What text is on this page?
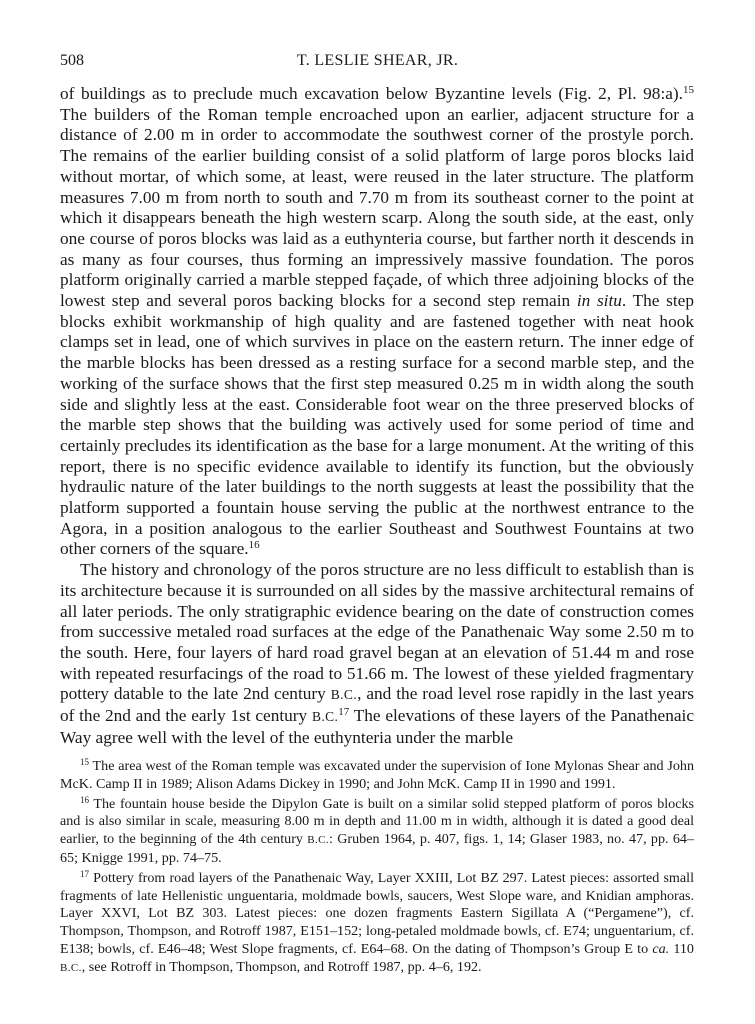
508	T. LESLIE SHEAR, JR.

of buildings as to preclude much excavation below Byzantine levels (Fig. 2, Pl. 98:a).$^{15}$ The builders of the Roman temple encroached upon an earlier, adjacent structure for a distance of 2.00 m in order to accommodate the southwest corner of the prostyle porch. The remains of the earlier building consist of a solid platform of large poros blocks laid without mortar, of which some, at least, were reused in the later structure. The platform measures 7.00 m from north to south and 7.70 m from its southeast corner to the point at which it disappears beneath the high western scarp. Along the south side, at the east, only one course of poros blocks was laid as a euthynteria course, but farther north it descends in as many as four courses, thus forming an impressively massive foundation. The poros platform originally carried a marble stepped façade, of which three adjoining blocks of the lowest step and several poros backing blocks for a second step remain in situ. The step blocks exhibit workmanship of high quality and are fastened together with neat hook clamps set in lead, one of which survives in place on the eastern return. The inner edge of the marble blocks has been dressed as a resting surface for a second marble step, and the working of the surface shows that the first step measured 0.25 m in width along the south side and slightly less at the east. Considerable foot wear on the three preserved blocks of the marble step shows that the building was actively used for some period of time and certainly precludes its identification as the base for a large monument. At the writing of this report, there is no specific evidence available to identify its function, but the obviously hydraulic nature of the later buildings to the north suggests at least the possibility that the platform supported a fountain house serving the public at the northwest entrance to the Agora, in a position analogous to the earlier Southeast and Southwest Fountains at two other corners of the square.$^{16}$

The history and chronology of the poros structure are no less difficult to establish than is its architecture because it is surrounded on all sides by the massive architectural remains of all later periods. The only stratigraphic evidence bearing on the date of construction comes from successive metaled road surfaces at the edge of the Panathenaic Way some 2.50 m to the south. Here, four layers of hard road gravel began at an elevation of 51.44 m and rose with repeated resurfacings of the road to 51.66 m. The lowest of these yielded fragmentary pottery datable to the late 2nd century B.C., and the road level rose rapidly in the last years of the 2nd and the early 1st century B.C.$^{17}$ The elevations of these layers of the Panathenaic Way agree well with the level of the euthynteria under the marble

$^{15}$ The area west of the Roman temple was excavated under the supervision of Ione Mylonas Shear and John McK. Camp II in 1989; Alison Adams Dickey in 1990; and John McK. Camp II in 1990 and 1991.

$^{16}$ The fountain house beside the Dipylon Gate is built on a similar solid stepped platform of poros blocks and is also similar in scale, measuring 8.00 m in depth and 11.00 m in width, although it is dated a good deal earlier, to the beginning of the 4th century B.C.: Gruben 1964, p. 407, figs. 1, 14; Glaser 1983, no. 47, pp. 64–65; Knigge 1991, pp. 74–75.

$^{17}$ Pottery from road layers of the Panathenaic Way, Layer XXIII, Lot BZ 297. Latest pieces: assorted small fragments of late Hellenistic unguentaria, moldmade bowls, saucers, West Slope ware, and Knidian amphoras. Layer XXVI, Lot BZ 303. Latest pieces: one dozen fragments Eastern Sigillata A (“Pergamene”), cf. Thompson, Thompson, and Rotroff 1987, E151–152; long-petaled moldmade bowls, cf. E74; unguentarium, cf. E138; bowls, cf. E46–48; West Slope fragments, cf. E64–68. On the dating of Thompson’s Group E to ca. 110 B.C., see Rotroff in Thompson, Thompson, and Rotroff 1987, pp. 4–6, 192.
